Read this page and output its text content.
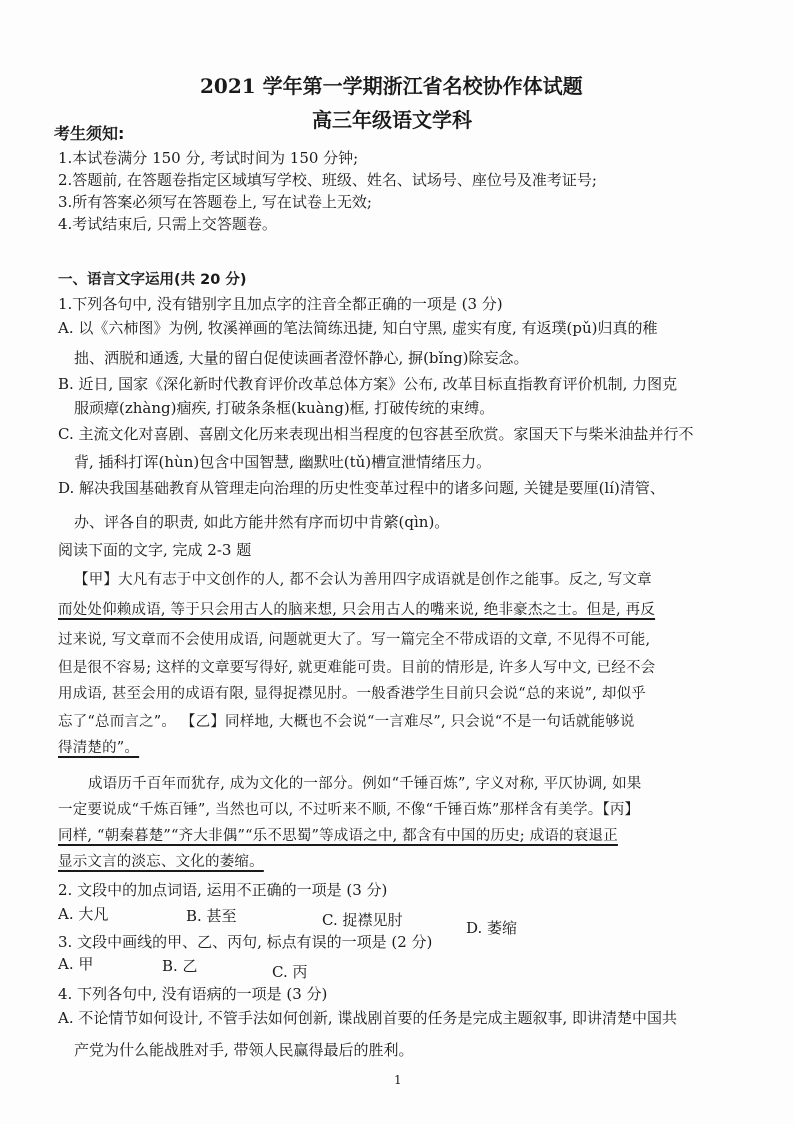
2021 学年第一学期浙江省名校协作体试题
高三年级语文学科
考生须知:
1.本试卷满分 150 分, 考试时间为 150 分钟;
2.答题前, 在答题卷指定区域填写学校、班级、姓名、试场号、座位号及准考证号;
3.所有答案必须写在答题卷上, 写在试卷上无效;
4.考试结束后, 只需上交答题卷。
一、语言文字运用(共 20 分)
1.下列各句中, 没有错别字且加点字的注音全都正确的一项是 (3 分)
A. 以《六柿图》为例, 牧溪禅画的笔法简练迅捷, 知白守黑, 虚实有度, 有返璞(pǔ)归真的稚
拙、洒脱和通透, 大量的留白促使读画者澄怀静心, 摒(bǐng)除妄念。
B. 近日, 国家《深化新时代教育评价改革总体方案》公布, 改革目标直指教育评价机制, 力图克
服顽瘴(zhàng)痼疾, 打破条条框(kuàng)框, 打破传统的束缚。
C. 主流文化对喜剧、喜剧文化历来表现出相当程度的包容甚至欣赏。家国天下与柴米油盐并行不
背, 插科打诨(hùn)包含中国智慧, 幽默吐(tǔ)槽宣泄情绪压力。
D. 解决我国基础教育从管理走向治理的历史性变革过程中的诸多问题, 关键是要厘(lí)清管、
办、评各自的职责, 如此方能井然有序而切中肯綮(qìn)。
阅读下面的文字, 完成 2-3 题
【甲】大凡有志于中文创作的人, 都不会认为善用四字成语就是创作之能事。反之, 写文章
而处处仰赖成语, 等于只会用古人的脑来想, 只会用古人的嘴来说, 绝非豪杰之士。但是, 再反
过来说, 写文章而不会使用成语, 问题就更大了。写一篇完全不带成语的文章, 不见得不可能,
但是很不容易; 这样的文章要写得好, 就更难能可贵。目前的情形是, 许多人写中文, 已经不会
用成语, 甚至会用的成语有限, 显得捉襟见肘。一般香港学生目前只会说“总的来说”, 却似乎
忘了“总而言之”。 【乙】同样地, 大概也不会说“一言难尽”, 只会说“不是一句话就能够说
得清楚的”。
成语历千百年而犹存, 成为文化的一部分。例如“千锤百炼”, 字义对称, 平仄协调, 如果
一定要说成“千炼百锤”, 当然也可以, 不过听来不顺, 不像“千锤百炼”那样含有美学。【丙】
同样, “朝秦暮楚”“齐大非偶”“乐不思蜀”等成语之中, 都含有中国的历史; 成语的衰退正
显示文言的淡忘、文化的萎缩。
2. 文段中的加点词语, 运用不正确的一项是 (3 分)
A. 大凡	B. 甚至	C. 捉襟见肘	D. 萎缩
3. 文段中画线的甲、乙、丙句, 标点有误的一项是 (2 分)
A. 甲	B. 乙	C. 丙
4. 下列各句中, 没有语病的一项是 (3 分)
A. 不论情节如何设计, 不管手法如何创新, 谍战剧首要的任务是完成主题叙事, 即讲清楚中国共
产党为什么能战胜对手, 带领人民赢得最后的胜利。
1
